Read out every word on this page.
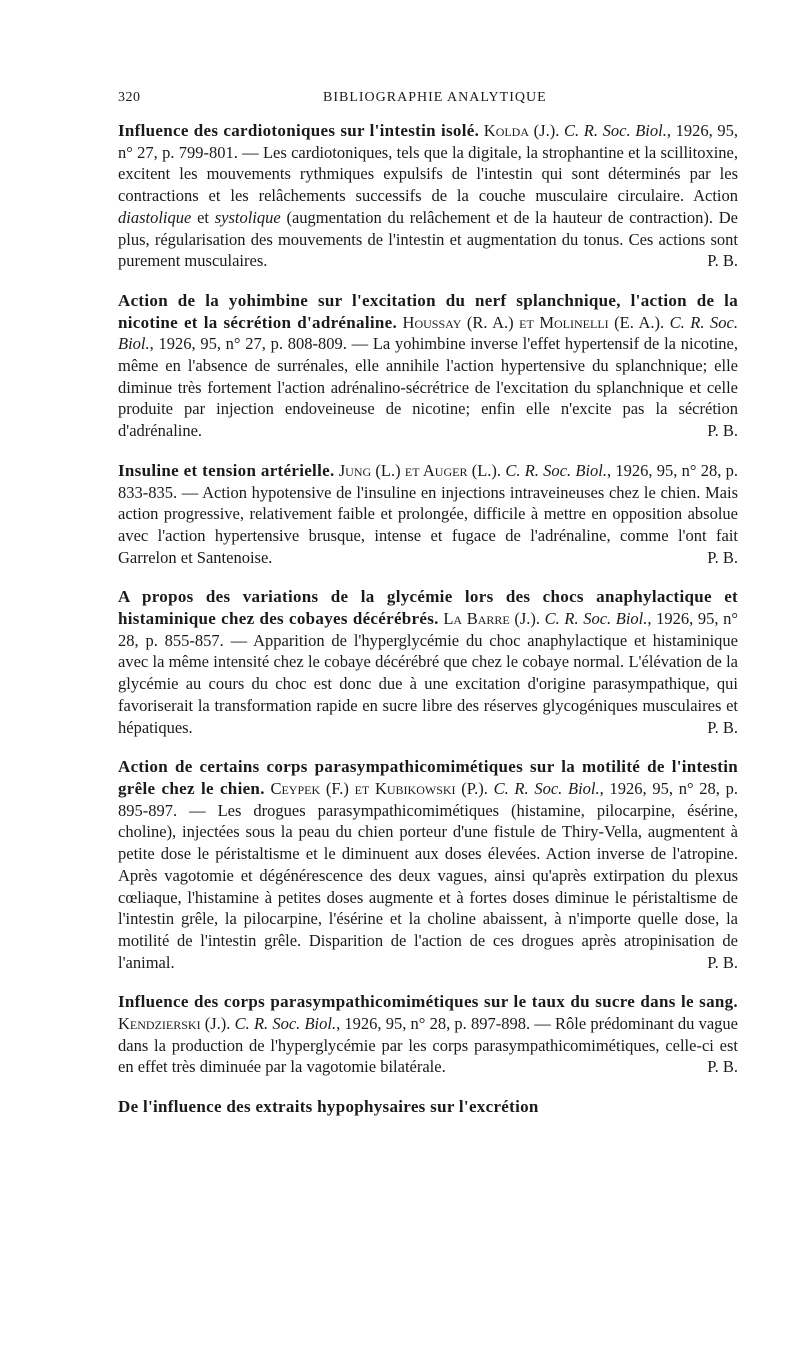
320	BIBLIOGRAPHIE ANALYTIQUE

Influence des cardiotoniques sur l'intestin isolé. Kolda (J.). C. R. Soc. Biol., 1926, 95, n° 27, p. 799-801. — Les cardiotoniques, tels que la digitale, la strophantine et la scillitoxine, excitent les mouvements rythmiques expulsifs de l'intestin qui sont déterminés par les contractions et les relâchements successifs de la couche musculaire circulaire. Action diastolique et systolique (augmentation du relâchement et de la hauteur de contraction). De plus, régularisation des mouvements de l'intestin et augmentation du tonus. Ces actions sont purement musculaires.	P. B.

Action de la yohimbine sur l'excitation du nerf splanchnique, l'action de la nicotine et la sécrétion d'adrénaline. Houssay (R. A.) et Molinelli (E. A.). C. R. Soc. Biol., 1926, 95, n° 27, p. 808-809. — La yohimbine inverse l'effet hypertensif de la nicotine, même en l'absence de surrénales, elle annihile l'action hypertensive du splanchnique; elle diminue très fortement l'action adrénalino-sécrétrice de l'excitation du splanchnique et celle produite par injection endoveineuse de nicotine; enfin elle n'excite pas la sécrétion d'adrénaline.	P. B.

Insuline et tension artérielle. Jung (L.) et Auger (L.). C. R. Soc. Biol., 1926, 95, n° 28, p. 833-835. — Action hypotensive de l'insuline en injections intraveineuses chez le chien. Mais action progressive, relativement faible et prolongée, difficile à mettre en opposition absolue avec l'action hypertensive brusque, intense et fugace de l'adrénaline, comme l'ont fait Garrelon et Santenoise.	P. B.

A propos des variations de la glycémie lors des chocs anaphylactique et histaminique chez des cobayes décérébrés. La Barre (J.). C. R. Soc. Biol., 1926, 95, n° 28, p. 855-857. — Apparition de l'hyperglycémie du choc anaphylactique et histaminique avec la même intensité chez le cobaye décérébré que chez le cobaye normal. L'élévation de la glycémie au cours du choc est donc due à une excitation d'origine parasympathique, qui favoriserait la transformation rapide en sucre libre des réserves glycogéniques musculaires et hépatiques.	P. B.

Action de certains corps parasympathicomimétiques sur la motilité de l'intestin grêle chez le chien. Ceypek (F.) et Kubikowski (P.). C. R. Soc. Biol., 1926, 95, n° 28, p. 895-897. — Les drogues parasympathicomimétiques (histamine, pilocarpine, ésérine, choline), injectées sous la peau du chien porteur d'une fistule de Thiry-Vella, augmentent à petite dose le péristaltisme et le diminuent aux doses élevées. Action inverse de l'atropine. Après vagotomie et dégénérescence des deux vagues, ainsi qu'après extirpation du plexus cœliaque, l'histamine à petites doses augmente et à fortes doses diminue le péristaltisme de l'intestin grêle, la pilocarpine, l'ésérine et la choline abaissent, à n'importe quelle dose, la motilité de l'intestin grêle. Disparition de l'action de ces drogues après atropinisation de l'animal.	P. B.

Influence des corps parasympathicomimétiques sur le taux du sucre dans le sang. Kendzierski (J.). C. R. Soc. Biol., 1926, 95, n° 28, p. 897-898. — Rôle prédominant du vague dans la production de l'hyperglycémie par les corps parasympathicomimétiques, celle-ci est en effet très diminuée par la vagotomie bilatérale.	P. B.

De l'influence des extraits hypophysaires sur l'excrétion
